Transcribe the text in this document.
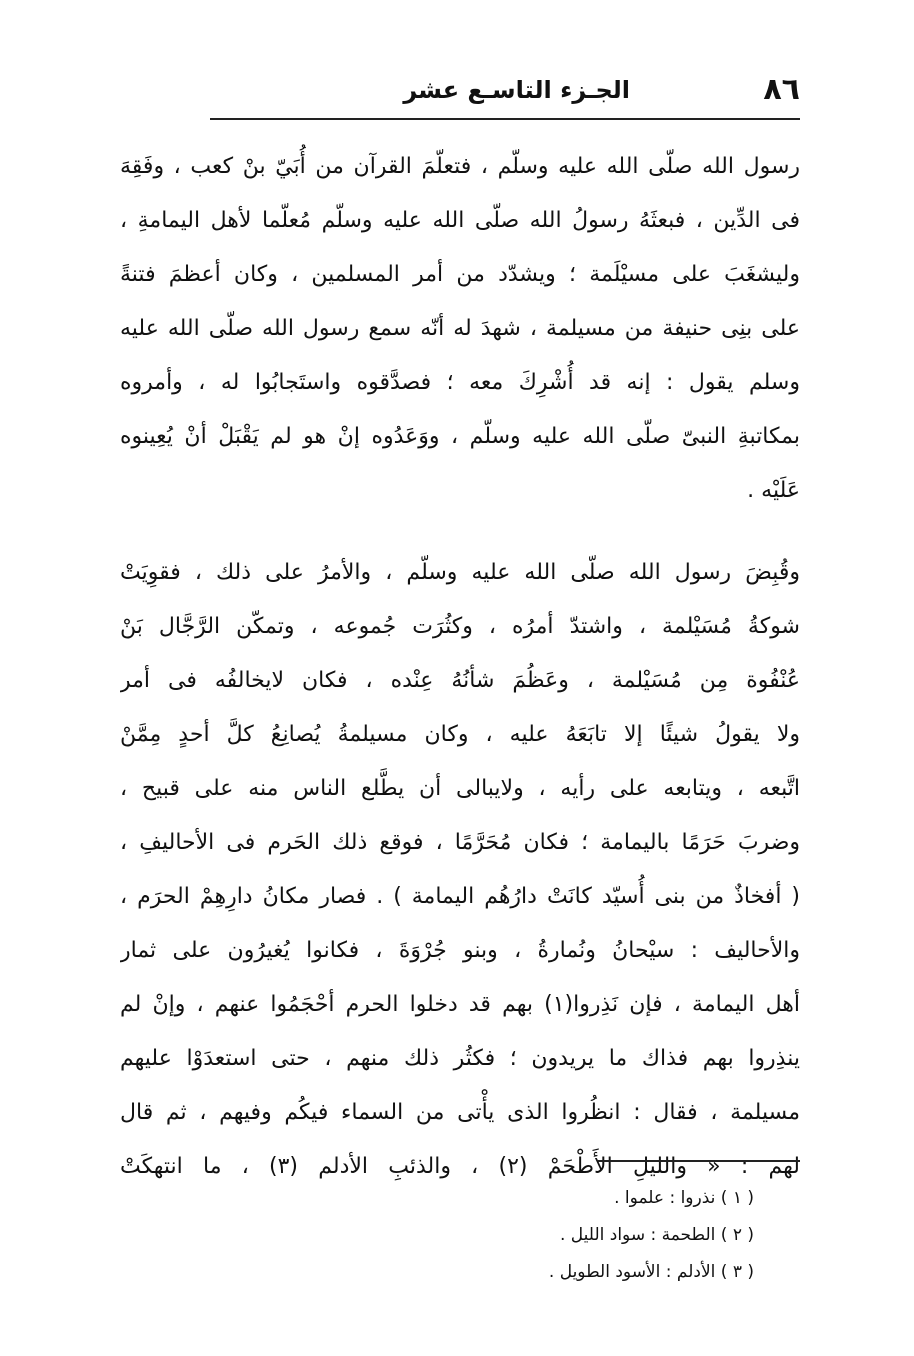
٨٦
الجـزء التاسـع عشر
رسول الله صلّى الله عليه وسلّم ، فتعلّمَ القرآن من أُبَيّ بنْ كعب ، وفَقِهَ
فى الدِّين ، فبعثَهُ رسولُ الله صلّى الله عليه وسلّم مُعلّما لأهل اليمامةِ ،
وليشغَبَ على مسيْلَمة ؛ ويشدّد من أمر المسلمين ، وكان أعظمَ فتنةً
على بنِى حنيفة من مسيلمة ، شهدَ له أنّه سمع رسول الله صلّى الله عليه
وسلم يقول : إنه قد أُشْرِكَ معه ؛ فصدَّقوه واستَجابُوا له ، وأمروه
بمكاتبةِ النبىّ صلّى الله عليه وسلّم ، ووَعَدُوه إنْ هو لم يَقْبَلْ أنْ يُعِينوه
عَلَيْه .
وقُبِضَ رسول الله صلّى الله عليه وسلّم ، والأمرُ على ذلك ، فقوِيَتْ
شوكةُ مُسَيْلمة ، واشتدّ أمرُه ، وكثُرَت جُموعه ، وتمكّن الرَّجَّال بَنْ
عُنْفُوة مِن مُسَيْلمة ، وعَظُمَ شأنُهُ عِنْده ، فكان لايخالفُه فى أمر
ولا يقولُ شيئًا إلا تابَعَهُ عليه ، وكان مسيلمةُ يُصانِعُ كلَّ أحدٍ مِمَّنْ
اتَّبعه ، ويتابعه على رأيه ، ولايبالى أن يطَّلع الناس منه على قبيح ،
وضربَ حَرَمًا باليمامة ؛ فكان مُحَرَّمًا ، فوقع ذلك الحَرم فى الأحاليفِ ،
( أفخاذٌ من بنى أُسيّد كانَتْ دارُهُم اليمامة ) . فصار مكانُ دارِهِمْ الحرَم ،
والأحاليف : سيْحانُ ونُمارةُ ، وبنو جُرْوَةَ ، فكانوا يُغيرُون على ثمار
أهل اليمامة ، فإن نَذِروا(١) بهم قد دخلوا الحرم أحْجَمُوا عنهم ، وإنْ لم
ينذِروا بهم فذاك ما يريدون ؛ فكثُر ذلك منهم ، حتى استعدَوْا عليهم
مسيلمة ، فقال : انظُروا الذى يأْتى من السماء فيكُم وفيهم ، ثم قال
لهم : « والليلِ الأَطْحَمْ (٢) ، والذئبِ الأدلم (٣) ، ما انتهكَتْ
( ١ ) نذروا : علموا .
( ٢ ) الطحمة : سواد الليل .
( ٣ ) الأدلم : الأسود الطويل .
